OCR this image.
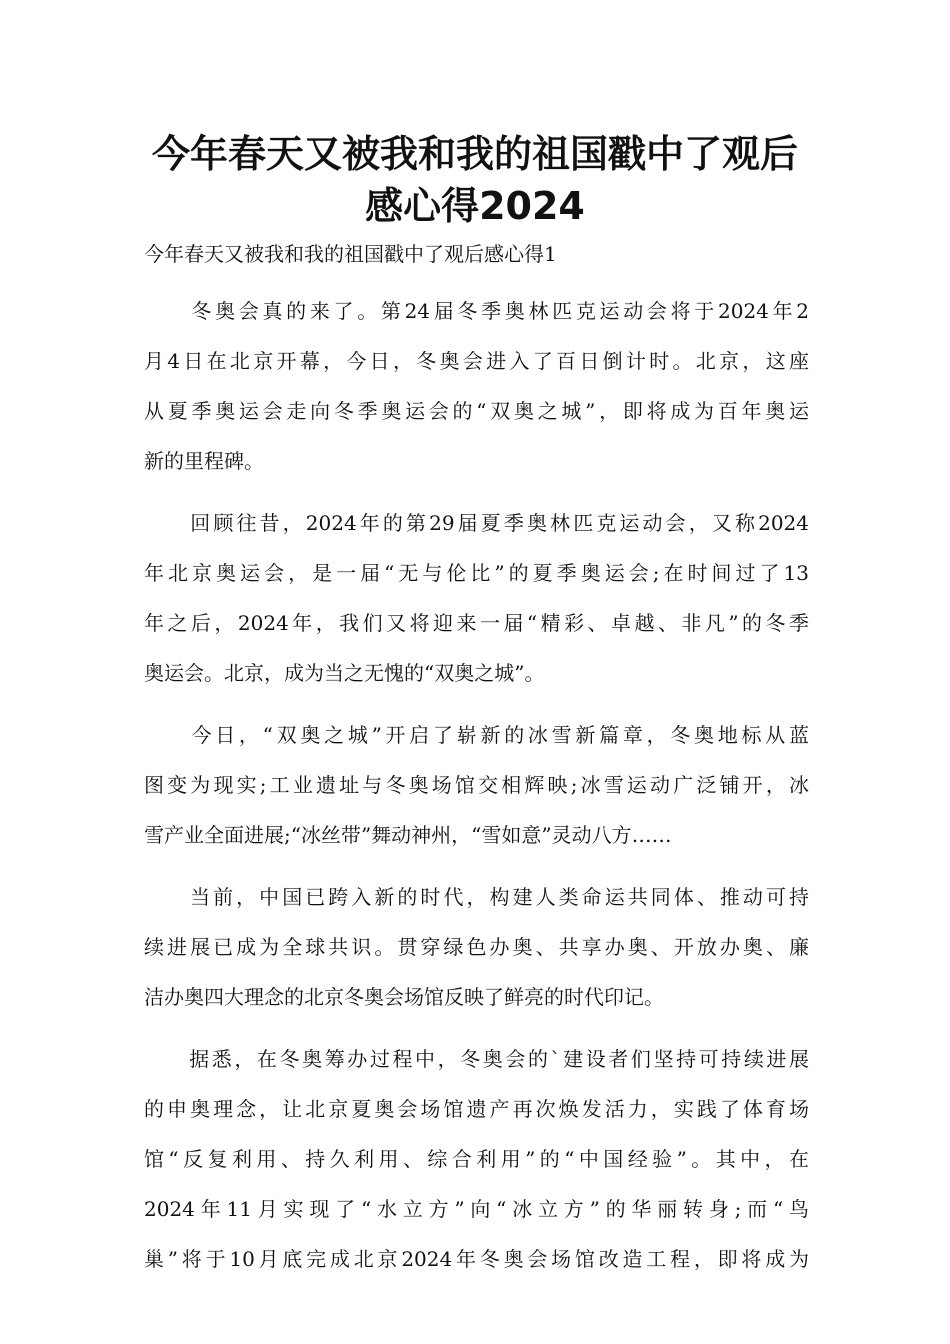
今年春天又被我和我的祖国戳中了观后
感心得2024

今年春天又被我和我的祖国戳中了观后感心得1

　　冬奥会真的来了。第24届冬季奥林匹克运动会将于2024年2
月4日在北京开幕，今日，冬奥会进入了百日倒计时。北京，这座
从夏季奥运会走向冬季奥运会的“双奥之城”，即将成为百年奥运
新的里程碑。
　　回顾往昔，2024年的第29届夏季奥林匹克运动会，又称2024
年北京奥运会，是一届“无与伦比”的夏季奥运会;在时间过了13
年之后，2024年，我们又将迎来一届“精彩、卓越、非凡”的冬季
奥运会。北京，成为当之无愧的“双奥之城”。
　　今日，“双奥之城”开启了崭新的冰雪新篇章，冬奥地标从蓝
图变为现实;工业遗址与冬奥场馆交相辉映;冰雪运动广泛铺开，冰
雪产业全面进展;“冰丝带”舞动神州，“雪如意”灵动八方……
　　当前，中国已跨入新的时代，构建人类命运共同体、推动可持
续进展已成为全球共识。贯穿绿色办奥、共享办奥、开放办奥、廉
洁办奥四大理念的北京冬奥会场馆反映了鲜亮的时代印记。
　　据悉，在冬奥筹办过程中，冬奥会的`建设者们坚持可持续进展
的申奥理念，让北京夏奥会场馆遗产再次焕发活力，实践了体育场
馆“反复利用、持久利用、综合利用”的“中国经验”。其中，在
2024年11月实现了“水立方”向“冰立方”的华丽转身;而“鸟
巢”将于10月底完成北京2024年冬奥会场馆改造工程，即将成为
